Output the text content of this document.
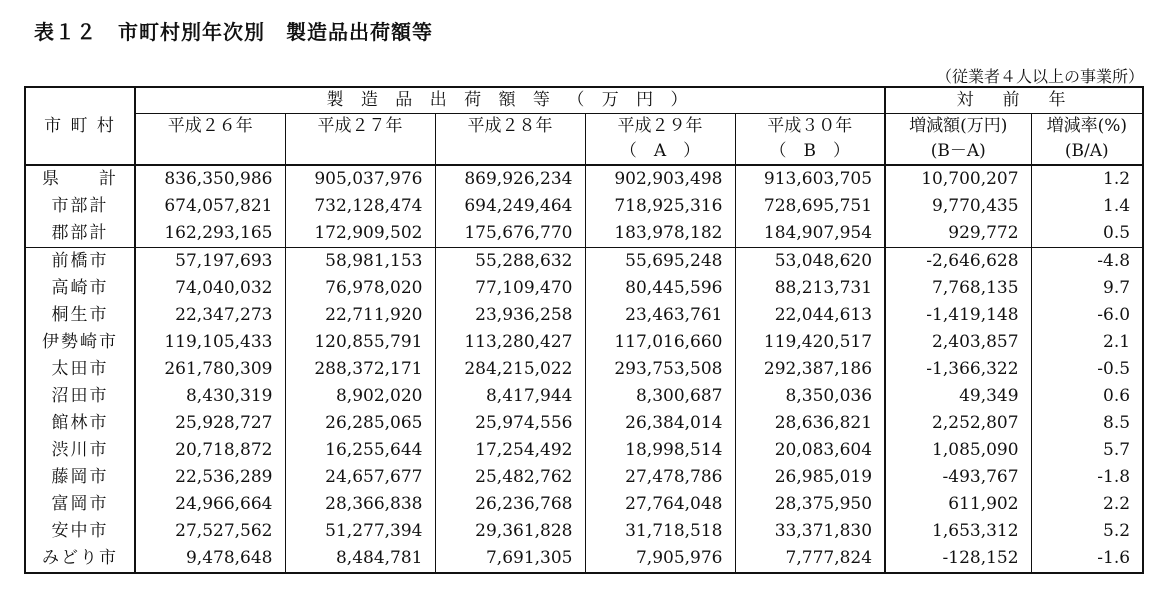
表１２　市町村別年次別　製造品出荷額等
（従業者４人以上の事業所）
市 町 村	製 造 品 出 荷 額 等 （ 万 円 ）					対　前　年	
	平成２６年	平成２７年	平成２８年	平成２９年	平成３０年	増減額(万円)	増減率(%)
				（　A　）	（　B　）	(B－A)	(B/A)
県　　計	836,350,986	905,037,976	869,926,234	902,903,498	913,603,705	10,700,207	1.2
市部計	674,057,821	732,128,474	694,249,464	718,925,316	728,695,751	9,770,435	1.4
郡部計	162,293,165	172,909,502	175,676,770	183,978,182	184,907,954	929,772	0.5
前橋市	57,197,693	58,981,153	55,288,632	55,695,248	53,048,620	-2,646,628	-4.8
高崎市	74,040,032	76,978,020	77,109,470	80,445,596	88,213,731	7,768,135	9.7
桐生市	22,347,273	22,711,920	23,936,258	23,463,761	22,044,613	-1,419,148	-6.0
伊勢崎市	119,105,433	120,855,791	113,280,427	117,016,660	119,420,517	2,403,857	2.1
太田市	261,780,309	288,372,171	284,215,022	293,753,508	292,387,186	-1,366,322	-0.5
沼田市	8,430,319	8,902,020	8,417,944	8,300,687	8,350,036	49,349	0.6
館林市	25,928,727	26,285,065	25,974,556	26,384,014	28,636,821	2,252,807	8.5
渋川市	20,718,872	16,255,644	17,254,492	18,998,514	20,083,604	1,085,090	5.7
藤岡市	22,536,289	24,657,677	25,482,762	27,478,786	26,985,019	-493,767	-1.8
富岡市	24,966,664	28,366,838	26,236,768	27,764,048	28,375,950	611,902	2.2
安中市	27,527,562	51,277,394	29,361,828	31,718,518	33,371,830	1,653,312	5.2
みどり市	9,478,648	8,484,781	7,691,305	7,905,976	7,777,824	-128,152	-1.6
